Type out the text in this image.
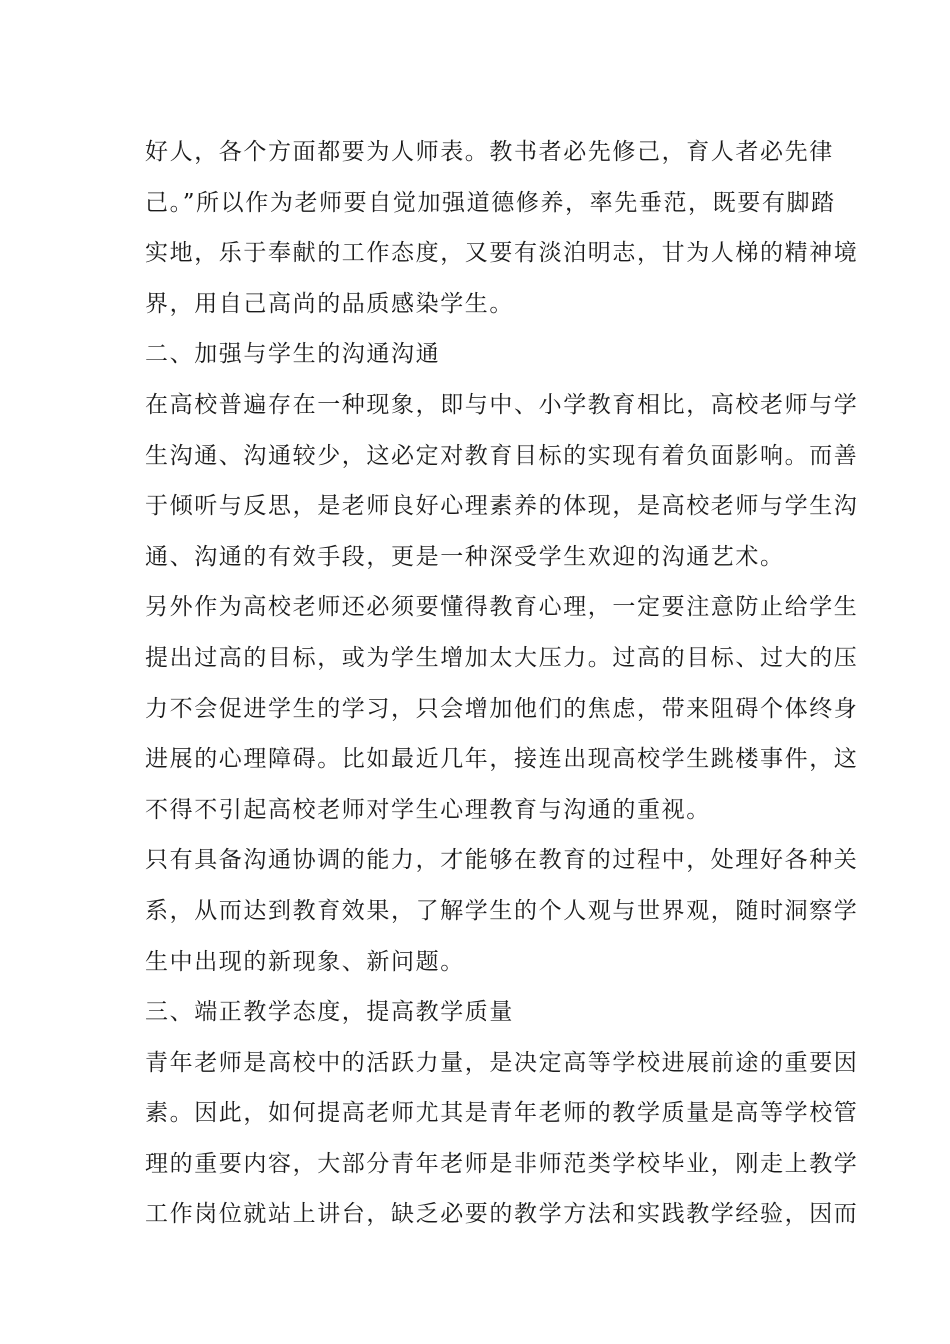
好人，各个方面都要为人师表。教书者必先修己，育人者必先律
己。”所以作为老师要自觉加强道德修养，率先垂范，既要有脚踏
实地，乐于奉献的工作态度，又要有淡泊明志，甘为人梯的精神境
界，用自己高尚的品质感染学生。
二、加强与学生的沟通沟通
在高校普遍存在一种现象，即与中、小学教育相比，高校老师与学
生沟通、沟通较少，这必定对教育目标的实现有着负面影响。而善
于倾听与反思，是老师良好心理素养的体现，是高校老师与学生沟
通、沟通的有效手段，更是一种深受学生欢迎的沟通艺术。
另外作为高校老师还必须要懂得教育心理，一定要注意防止给学生
提出过高的目标，或为学生增加太大压力。过高的目标、过大的压
力不会促进学生的学习，只会增加他们的焦虑，带来阻碍个体终身
进展的心理障碍。比如最近几年，接连出现高校学生跳楼事件，这
不得不引起高校老师对学生心理教育与沟通的重视。
只有具备沟通协调的能力，才能够在教育的过程中，处理好各种关
系，从而达到教育效果，了解学生的个人观与世界观，随时洞察学
生中出现的新现象、新问题。
三、端正教学态度，提高教学质量
青年老师是高校中的活跃力量，是决定高等学校进展前途的重要因
素。因此，如何提高老师尤其是青年老师的教学质量是高等学校管
理的重要内容，大部分青年老师是非师范类学校毕业，刚走上教学
工作岗位就站上讲台，缺乏必要的教学方法和实践教学经验，因而
